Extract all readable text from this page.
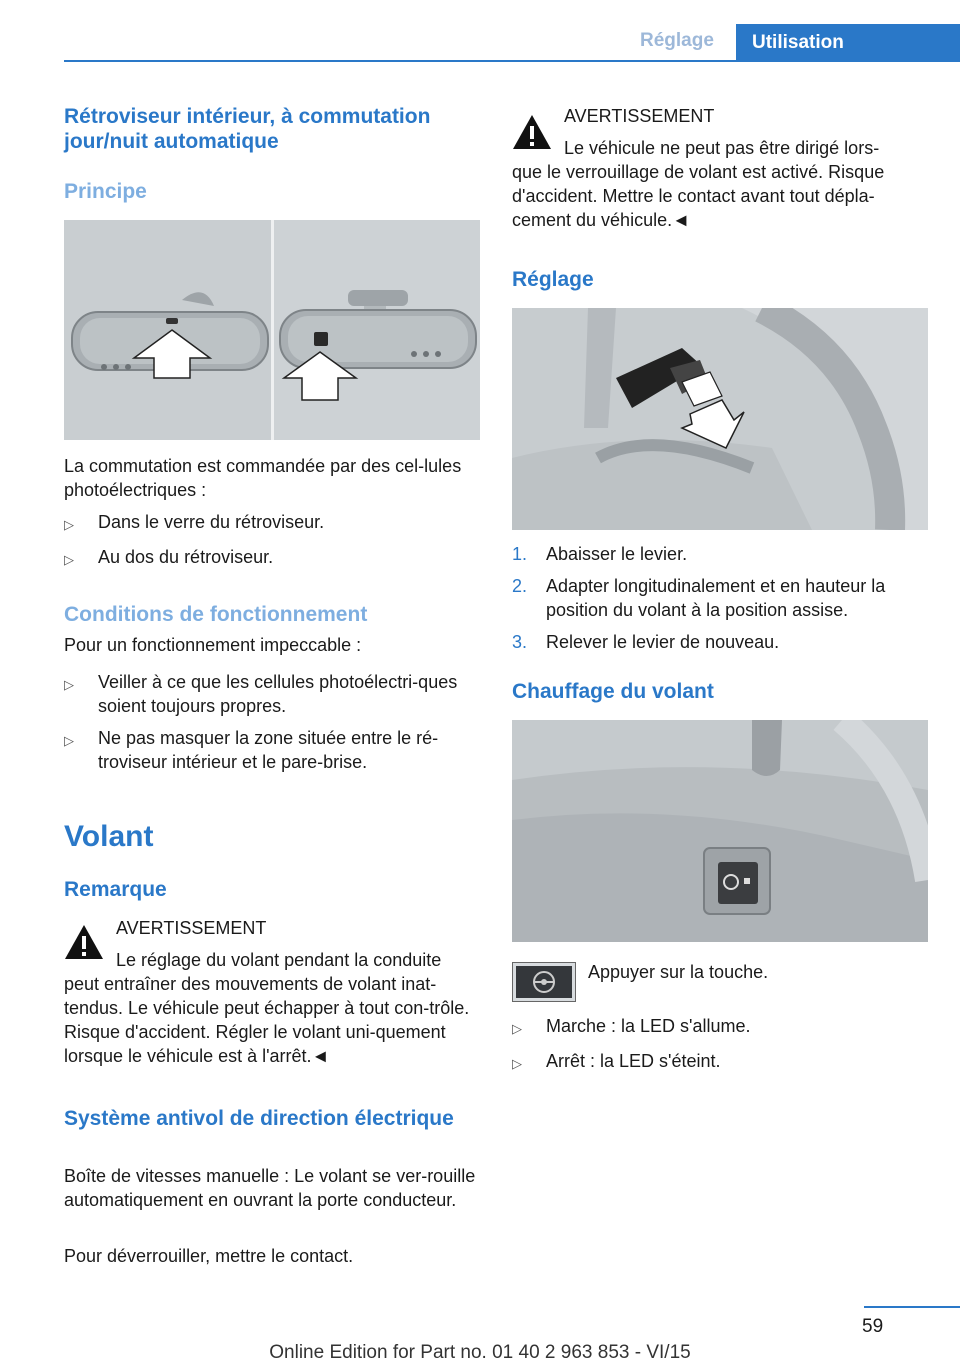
Réglage	Utilisation
Rétroviseur intérieur, à commutation jour/nuit automatique
Principe
La commutation est commandée par des cel-lules photoélectriques :
▷	Dans le verre du rétroviseur.
▷	Au dos du rétroviseur.
Conditions de fonctionnement
Pour un fonctionnement impeccable :
▷	Veiller à ce que les cellules photoélectri-ques soient toujours propres.
▷	Ne pas masquer la zone située entre le ré-troviseur intérieur et le pare-brise.
Volant
Remarque
AVERTISSEMENT
Le réglage du volant pendant la conduite
peut entraîner des mouvements de volant inat-tendus. Le véhicule peut échapper à tout con-trôle. Risque d'accident. Régler le volant uni-quement lorsque le véhicule est à l'arrêt.◄
Système antivol de direction électrique
Boîte de vitesses manuelle : Le volant se ver-rouille automatiquement en ouvrant la porte conducteur.
Pour déverrouiller, mettre le contact.
AVERTISSEMENT
Le véhicule ne peut pas être dirigé lors-
que le verrouillage de volant est activé. Risque d'accident. Mettre le contact avant tout dépla-cement du véhicule.◄
Réglage
1.	Abaisser le levier.
2.	Adapter longitudinalement et en hauteur la position du volant à la position assise.
3.	Relever le levier de nouveau.
Chauffage du volant
Appuyer sur la touche.
▷	Marche : la LED s'allume.
▷	Arrêt : la LED s'éteint.
59
Online Edition for Part no. 01 40 2 963 853 - VI/15
